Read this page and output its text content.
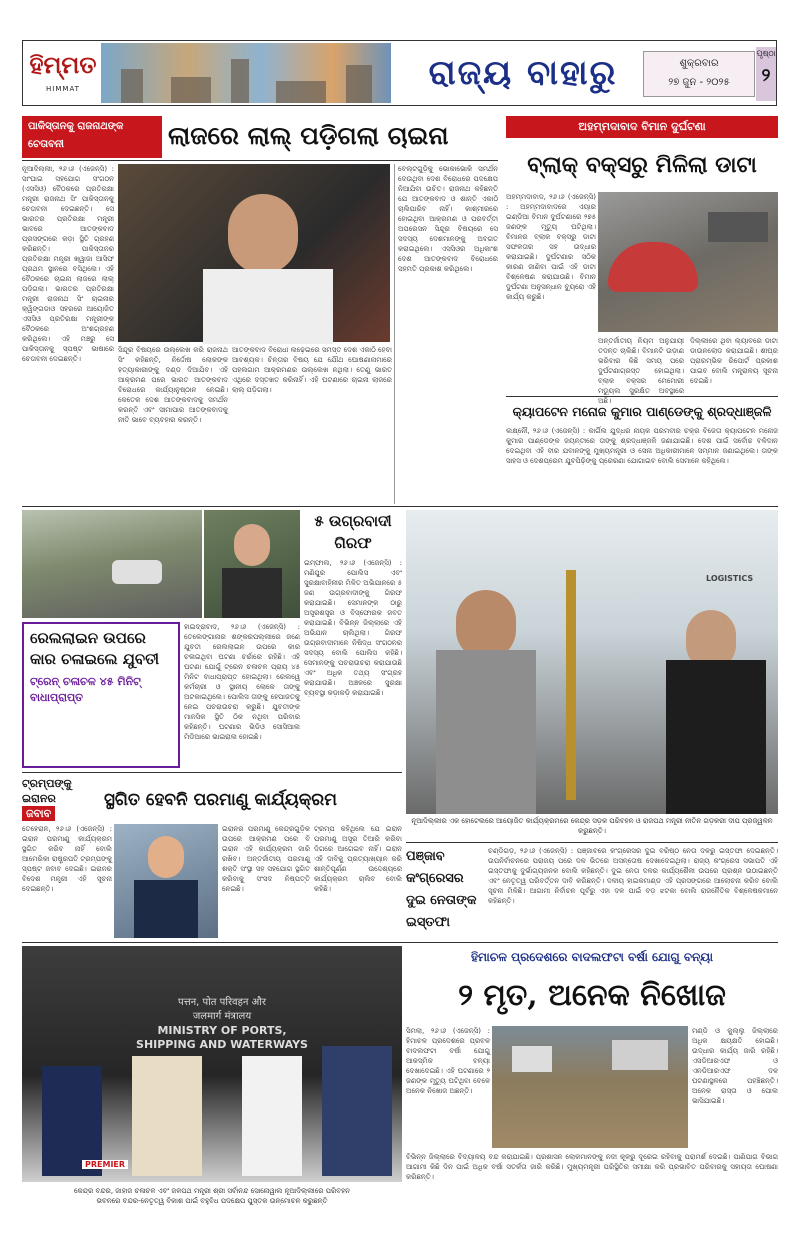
ହିମ୍ମତ
HIMMAT	ରାଜ୍ୟ ବାହାରୁ	ଶୁକ୍ରବାର
୨୭ ଜୁନ - ୨୦୨୫
ପୃଷ୍ଠା
୨
ପାକିସ୍ତାନକୁ ରାଜନାଥଙ୍କ
ଚେତାବନୀ	ଲାଜରେ ଲାଲ୍ ପଡ଼ିଗଲା ଚାଇନା
ନୂଆଦିଲ୍ଲୀ, ୨୬।୬ (ଏଜେନ୍ସି) : ସାଂଘାଇ ସହଯୋଗ ସଂଗଠନ (ଏସସିଓ) ବୈଠକରେ ପ୍ରତିରକ୍ଷା ମନ୍ତ୍ରୀ ରାଜନାଥ ସିଂ ପାକିସ୍ତାନକୁ ଚେତାବନୀ ଦେଇଛନ୍ତି। ସେ ଭାରତର ପ୍ରତିରକ୍ଷା ମନ୍ତ୍ରୀ ଭାବରେ ଆତଙ୍କବାଦ ପ୍ରସଙ୍ଗରେ କଡ଼ା ସ୍ଥିତି ଗ୍ରହଣ କରିଛନ୍ତି। ପାକିସ୍ତାନର ପ୍ରତିରକ୍ଷା ମନ୍ତ୍ରୀ ଖ୍ୱାଜା ଆସିଫ ପ୍ରଥମ ସ୍ଥାନରେ ବସିଥିଲେ। ଏହି ବୈଠକରେ ଚାଇନା ଲାଜରେ ଲାଲ୍ ପଡ଼ିଗଲା। ଭାରତର ପ୍ରତିରକ୍ଷା ମନ୍ତ୍ରୀ ରାଜନାଥ ସିଂ ଚାଇନାର କ୍ୱିଙ୍ଗଡାଓ ସହରରେ ଆୟୋଜିତ ଏସସିଓ ପ୍ରତିରକ୍ଷା ମନ୍ତ୍ରୀଙ୍କ ବୈଠକରେ ଅଂଶଗ୍ରହଣ କରିଥିଲେ। ଏହି ମଞ୍ଚରୁ ସେ ପାକିସ୍ତାନକୁ ସ୍ପଷ୍ଟ ଭାଷାରେ ଚେତାବନୀ ଦେଇଛନ୍ତି।
ସିନ୍ଦୂର ବିଷୟରେ ଉଲ୍ଲେଖ କରି ରାଜନାଥ ସିଂ କହିଛନ୍ତି, ନିର୍ଦ୍ଦୋଷ ଲୋକଙ୍କ ହତ୍ୟାକାରୀଙ୍କୁ ଦଣ୍ଡ ଦିଆଯିବ। ଏହି ଆକ୍ରମଣ ପରେ ଭାରତ ଆତଙ୍କବାଦ ବିରୋଧରେ କାର୍ଯ୍ୟାନୁଷ୍ଠାନ ନେଇଛି। କେତେକ ଦେଶ ଆତଙ୍କବାଦକୁ ସମର୍ଥନ କରନ୍ତି ଏବଂ ସୀମାପାର ଆତଙ୍କବାଦକୁ ନୀତି ଭାବେ ବ୍ୟବହାର କରନ୍ତି।
ଆତଙ୍କବାଦ ବିରୋଧୀ ଲଢ଼େଇରେ ସମସ୍ତ ଦେଶ ଏକାଠି ହେବା ଆବଶ୍ୟକ। ଚିନ୍ତାର ବିଷୟ ଯେ ଯୌଥ ଘୋଷଣାନାମାରେ ପହଲଗାମ ଆକ୍ରମଣର ଉଲ୍ଲେଖ ନଥିଲା। ତେଣୁ ଭାରତ ଏଥିରେ ଦସ୍ତଖତ କରିନାହିଁ। ଏହି ଘଟଣାରେ ଚାଇନା ଲାଜରେ ଲାଲ୍ ପଡ଼ିଗଲା।
ବେଲ୍ଟଗୁଡ଼ିକୁ ଭୋକାଭୋକି ସମର୍ଥନ ଦେଉଥିବା ଦେଶ ବିରୋଧରେ ପଦକ୍ଷେପ ନିଆଯିବା ଉଚିତ। ରାଜନାଥ କହିଛନ୍ତି ଯେ ଆତଙ୍କବାଦ ଓ ଶାନ୍ତି ଏକାଠି ଚାଲିପାରିବ ନାହିଁ। କାଶ୍ମୀରରେ ହୋଇଥିବା ଆକ୍ରମଣ ଓ ପରବର୍ତ୍ତୀ ଅପରେସନ ସିନ୍ଦୂର ବିଷୟରେ ସେ ସଦସ୍ୟ ଦେଶମାନଙ୍କୁ ଅବଗତ କରାଇଥିଲେ। ଏସସିଓର ଅଧିକାଂଶ ଦେଶ ଆତଙ୍କବାଦ ବିରୋଧରେ ସହମତି ପ୍ରକାଶ କରିଥିଲେ।
ଅହମ୍ମଦାବାଦ ବିମାନ ଦୁର୍ଘଟଣା
ବ୍ଲାକ୍ ବକ୍ସରୁ ମିଳିଲା ଡାଟା
ଅହମ୍ମଦାବାଦ, ୨୬।୬ (ଏଜେନ୍ସି) : ଅହମ୍ମଦାବାଦରେ ଏୟାର ଇଣ୍ଡିଆ ବିମାନ ଦୁର୍ଘଟଣାରେ ୨୭୫ ଜଣଙ୍କ ମୃତ୍ୟୁ ଘଟିଥିଲା। ବିମାନର ବ୍ଲାକ ବକ୍ସରୁ ଡାଟା ସଫଳତାର ସହ ଉଦ୍ଧାର କରାଯାଇଛି। ଦୁର୍ଘଟଣାର ସଠିକ କାରଣ ଜାଣିବା ପାଇଁ ଏହି ଡାଟା ବିଶ୍ଳେଷଣ କରାଯାଉଛି। ବିମାନ ଦୁର୍ଘଟଣା ଅନୁସନ୍ଧାନ ବ୍ୟୁରୋ ଏହି କାର୍ଯ୍ୟ କରୁଛି।
ଅନ୍ତର୍ଜାତୀୟ ନିୟମ ଅନୁଯାୟୀ ତଦନ୍ତ ଚାଲିଛି। ବିମାନଟି ଉଡ଼ାଣ ଭରିବାର କିଛି ସମୟ ପରେ ଦୁର୍ଘଟଣାଗ୍ରସ୍ତ ହୋଇଥିଲା। ବ୍ଲାକ ବକ୍ସର ମେମୋରୀ ମଡ୍ୟୁଲ ସୁରକ୍ଷିତ ଅବସ୍ଥାରେ ଅଛି।
ଦିଲ୍ଲୀରେ ଥିବା ଲ୍ୟାବରେ ଡାଟା ଡାଉନଲୋଡ କରାଯାଇଛି। ଶୀଘ୍ର ପ୍ରାରମ୍ଭିକ ରିପୋର୍ଟ ପ୍ରକାଶ ପାଇବ ବୋଲି ମନ୍ତ୍ରାଳୟ ସୂଚନା ଦେଇଛି।
କ୍ୟାପଟେନ ମନୋଜ କୁମାର ପାଣ୍ଡେଙ୍କୁ ଶ୍ରଦ୍ଧାଞ୍ଜଳି
ଲକ୍ଷ୍ନୌ, ୨୬।୬ (ଏଜେନ୍ସି) : କାର୍ଗିଲ ଯୁଦ୍ଧର ନାୟକ ପରମବୀର ଚକ୍ର ବିଜେତା କ୍ୟାପଟେନ ମନୋଜ କୁମାର ପାଣ୍ଡେଙ୍କ ଜୟନ୍ତୀରେ ତାଙ୍କୁ ଶ୍ରଦ୍ଧାଞ୍ଜଳି ଜଣାଯାଇଛି। ଦେଶ ପାଇଁ ସର୍ବୋଚ୍ଚ ବଳିଦାନ ଦେଇଥିବା ଏହି ବୀର ଯବାନଙ୍କୁ ମୁଖ୍ୟମନ୍ତ୍ରୀ ଓ ସେନା ଅଧିକାରୀମାନେ ସମ୍ମାନ ଜଣାଇଥିଲେ। ତାଙ୍କ ସାହସ ଓ ଦେଶପ୍ରେମ ଯୁବପିଢ଼ିଙ୍କୁ ପ୍ରେରଣା ଯୋଗାଇବ ବୋଲି ସେମାନେ କହିଥିଲେ।
୫ ଉଗ୍ରବାଦୀ ଗିରଫ
ଇମ୍ଫାଲ, ୨୬।୬ (ଏଜେନ୍ସି) : ମଣିପୁର ପୋଲିସ ଏବଂ ସୁରକ୍ଷାବାହିନୀର ମିଳିତ ଅଭିଯାନରେ ୫ ଜଣ ଉଗ୍ରବାଦୀଙ୍କୁ ଗିରଫ କରାଯାଇଛି। ସେମାନଙ୍କ ଠାରୁ ଅସ୍ତ୍ରଶସ୍ତ୍ର ଓ ବିସ୍ଫୋରକ ଜବତ କରାଯାଇଛି। ବିଭିନ୍ନ ଜିଲ୍ଲାରେ ଏହି ଅଭିଯାନ ଚାଲିଥିଲା। ଗିରଫ ଉଗ୍ରବାଦୀମାନେ ନିଷିଦ୍ଧ ସଂଗଠନର ସଦସ୍ୟ ବୋଲି ପୋଲିସ କହିଛି। ସେମାନଙ୍କୁ ପଚରାଉଚରା କରାଯାଉଛି ଏବଂ ଅଧିକ ତଥ୍ୟ ସଂଗ୍ରହ କରାଯାଉଛି। ଅଞ୍ଚଳରେ ସୁରକ୍ଷା ବ୍ୟବସ୍ଥା କଡ଼ାକଡ଼ି କରାଯାଇଛି।
ରେଲଲାଇନ ଉପରେ କାର ଚଳାଇଲେ ଯୁବତୀ
ଟ୍ରେନ୍ ଚଳାଚଳ ୪୫ ମିନିଟ୍ ବାଧାପ୍ରାପ୍ତ
ହାଇଦ୍ରାବାଦ, ୨୬।୬ (ଏଜେନ୍ସି) : ତେଲେଙ୍ଗାନାର ଶଙ୍କରପଲ୍ଲୀରେ ଜଣେ ଯୁବତୀ ରେଲଲାଇନ ଉପରେ କାର ଚଳାଇଥିବା ଘଟଣା ଚର୍ଚ୍ଚାରେ ରହିଛି। ଏହି ଘଟଣା ଯୋଗୁଁ ଟ୍ରେନ ଚଳାଚଳ ପ୍ରାୟ ୪୫ ମିନିଟ ବାଧାପ୍ରାପ୍ତ ହୋଇଥିଲା। ରେଲୱେ କର୍ମଚାରୀ ଓ ସ୍ଥାନୀୟ ଲୋକେ ତାଙ୍କୁ ଅଟକାଇଥିଲେ। ପୋଲିସ ତାଙ୍କୁ ହେପାଜତକୁ ନେଇ ପଚରାଉଚରା କରୁଛି। ଯୁବତୀଙ୍କ ମାନସିକ ସ୍ଥିତି ଠିକ ନଥିବା ପରିବାର କହିଛନ୍ତି। ଘଟଣାର ଭିଡିଓ ସୋସିଆଲ ମିଡିଆରେ ଭାଇରାଲ ହୋଇଛି।
LOGISTICS
ନୂଆଦିଲ୍ଲୀର ଏକ ହୋଟେଲରେ ଆୟୋଜିତ କାର୍ଯ୍ୟକ୍ରମରେ କେନ୍ଦ୍ର ସଡ଼କ ପରିବହନ ଓ ରାଜପଥ ମନ୍ତ୍ରୀ ନୀତିନ ଗଡ଼କରୀ ଦୀପ ପ୍ରଜ୍ୱଳନ କରୁଛନ୍ତି।
ଟ୍ରମ୍ପଙ୍କୁ
ଇରାନର
ଜବାବ
ସ୍ଥଗିତ ହେବନି ପରମାଣୁ କାର୍ଯ୍ୟକ୍ରମ
ତେହେରାନ, ୨୬।୬ (ଏଜେନ୍ସି) : ଇରାନ ପରମାଣୁ କାର୍ଯ୍ୟକ୍ରମ ସ୍ଥଗିତ କରିବ ନାହିଁ ବୋଲି ଆମେରିକା ରାଷ୍ଟ୍ରପତି ଟ୍ରମ୍ପଙ୍କୁ ସ୍ପଷ୍ଟ ଜବାବ ଦେଇଛି। ଇରାନର ବିଦେଶ ମନ୍ତ୍ରୀ ଏହି ସୂଚନା ଦେଇଛନ୍ତି।
ଇରାନର ପରମାଣୁ କେନ୍ଦ୍ରଗୁଡ଼ିକ ଉପରେ ଆକ୍ରମଣ ପରେ ବି ଇରାନ ଏହି କାର୍ଯ୍ୟକ୍ରମ ଜାରି ରଖିବ। ଅନ୍ତର୍ଜାତୀୟ ପରମାଣୁ ଶକ୍ତି ସଂସ୍ଥା ସହ ସହଯୋଗ ସ୍ଥଗିତ କରିବାକୁ ସଂସଦ ନିଷ୍ପତ୍ତି ନେଇଛି।
ଟ୍ରମ୍ପ କହିଥିଲେ ଯେ ଇରାନ ପରମାଣୁ ଅସ୍ତ୍ର ତିଆରି କରିବା ଦିଗରେ ଆଗେଇବ ନାହିଁ। ଇରାନ ଏହି ଦାବିକୁ ପ୍ରତ୍ୟାଖ୍ୟାନ କରି ଶାନ୍ତିପୂର୍ଣ୍ଣ ଉଦ୍ଦେଶ୍ୟରେ କାର୍ଯ୍ୟକ୍ରମ ଚାଲିବ ବୋଲି କହିଛି।
ପଞ୍ଜାବ କଂଗ୍ରେସର ଦୁଇ ନେତାଙ୍କ ଇସ୍ତଫା
ଚଣ୍ଡିଗଡ଼, ୨୬।୬ (ଏଜେନ୍ସି) : ପଞ୍ଜାବରେ କଂଗ୍ରେସର ଦୁଇ ବରିଷ୍ଠ ନେତା ଦଳରୁ ଇସ୍ତଫା ଦେଇଛନ୍ତି। ଉପନିର୍ବାଚନରେ ପରାଜୟ ପରେ ଦଳ ଭିତରେ ଅସନ୍ତୋଷ ଦେଖାଦେଇଥିଲା। ରାଜ୍ୟ କଂଗ୍ରେସ ସଭାପତି ଏହି ଇସ୍ତଫାକୁ ଦୁର୍ଭାଗ୍ୟଜନକ ବୋଲି କହିଛନ୍ତି। ଦୁଇ ନେତା ଦଳର କାର୍ଯ୍ୟଶୈଳୀ ଉପରେ ପ୍ରଶ୍ନ ଉଠାଇଛନ୍ତି ଏବଂ ନେତୃତ୍ୱ ପରିବର୍ତ୍ତନ ଦାବି କରିଛନ୍ତି। ଦଳୀୟ ହାଇକମାଣ୍ଡ ଏହି ପ୍ରସଙ୍ଗରେ ଆଲୋଚନା କରିବ ବୋଲି ସୂଚନା ମିଳିଛି। ଆଗାମୀ ନିର୍ବାଚନ ପୂର୍ବରୁ ଏହା ଦଳ ପାଇଁ ବଡ଼ ଝଟକା ବୋଲି ରାଜନୈତିକ ବିଶ୍ଳେଷକମାନେ କହିଛନ୍ତି।
पत्तन, पोत परिवहन और
जलमार्ग मंत्रालय
MINISTRY OF PORTS,
SHIPPING AND WATERWAYS
PREMIER
କେନ୍ଦ୍ର ବନ୍ଦର, ଜାହାଜ ଚଳାଚଳ ଏବଂ ଜଳପଥ ମନ୍ତ୍ରୀ ଶ୍ରୀ ସର୍ବାନନ୍ଦ ସୋନୋୱାଲ ନୂଆଦିଲ୍ଲୀରେ ପରିବହନ
ଭବନରେ ବନ୍ଦର-ନେତୃତ୍ୱ ବିକାଶ ପାଇଁ ବହୁବିଧ ପଦକ୍ଷେପ ପୁସ୍ତକ ଉନ୍ମୋଚନ କରୁଛନ୍ତି
ହିମାଚଳ ପ୍ରଦେଶରେ ବାଦଲଫଟା ବର୍ଷା ଯୋଗୁ ବନ୍ୟା
୨ ମୃତ, ଅନେକ ନିଖୋଜ
ସିମଲା, ୨୬।୬ (ଏଜେନ୍ସି) : ହିମାଚଳ ପ୍ରଦେଶରେ ପ୍ରବଳ ବାଦଲଫଟା ବର୍ଷା ଯୋଗୁ ଆକସ୍ମିକ ବନ୍ୟା ଦେଖାଦେଇଛି। ଏହି ଘଟଣାରେ ୨ ଜଣଙ୍କ ମୃତ୍ୟୁ ଘଟିଥିବା ବେଳେ ଅନେକ ନିଖୋଜ ଅଛନ୍ତି।
ମଣ୍ଡି ଓ କୁଲ୍ଲୁ ଜିଲ୍ଲାରେ ଅଧିକ କ୍ଷୟକ୍ଷତି ହୋଇଛି। ଉଦ୍ଧାର କାର୍ଯ୍ୟ ଜାରି ରହିଛି। ଏସଡିଆରଏଫ ଓ ଏନଡିଆରଏଫ ଦଳ ଘଟଣାସ୍ଥଳରେ ପହଞ୍ଚିଛନ୍ତି। ଅନେକ ରାସ୍ତା ଓ ପୋଲ ଭାସିଯାଇଛି।
ବିଭିନ୍ନ ଜିଲ୍ଲାରେ ବିଦ୍ୟାଳୟ ବନ୍ଦ କରାଯାଇଛି। ପ୍ରଶାସନ ଲୋକମାନଙ୍କୁ ନଦୀ କୂଳରୁ ଦୂରେଇ ରହିବାକୁ ପରାମର୍ଶ ଦେଇଛି। ପାଣିପାଗ ବିଭାଗ ଆଗାମୀ କିଛି ଦିନ ପାଇଁ ଅଧିକ ବର୍ଷା ସତର୍କତା ଜାରି କରିଛି। ମୁଖ୍ୟମନ୍ତ୍ରୀ ପରିସ୍ଥିତିର ସମୀକ୍ଷା କରି ପ୍ରଭାବିତ ପରିବାରକୁ ସହାୟତା ଘୋଷଣା କରିଛନ୍ତି।
